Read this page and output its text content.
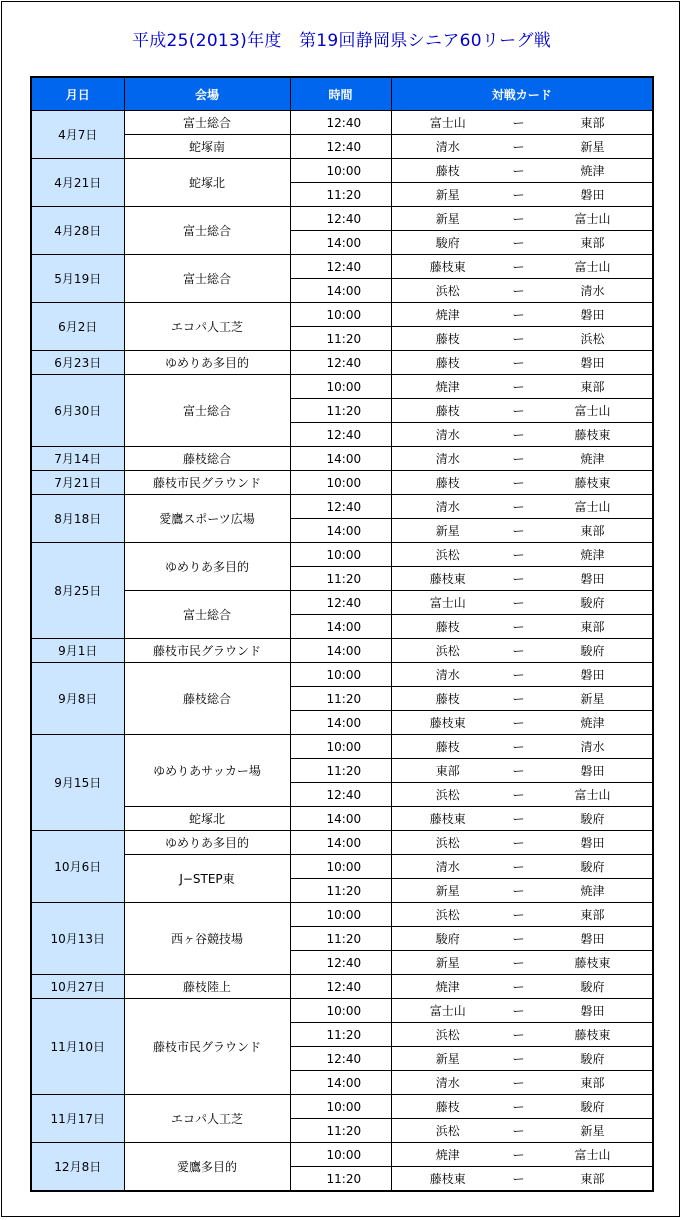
平成25(2013)年度　第19回静岡県シニア60リーグ戦
月日	会場	時間	対戦カード		
4月7日	富士総合	12:40	富士山	ー	東部
	蛇塚南	12:40	清水	ー	新星
4月21日	蛇塚北	10:00	藤枝	ー	焼津
		11:20	新星	ー	磐田
4月28日	富士総合	12:40	新星	ー	富士山
		14:00	駿府	ー	東部
5月19日	富士総合	12:40	藤枝東	ー	富士山
		14:00	浜松	ー	清水
6月2日	エコパ人工芝	10:00	焼津	ー	磐田
		11:20	藤枝	ー	浜松
6月23日	ゆめりあ多目的	12:40	藤枝	ー	磐田
6月30日	富士総合	10:00	焼津	ー	東部
		11:20	藤枝	ー	富士山
		12:40	清水	ー	藤枝東
7月14日	藤枝総合	14:00	清水	ー	焼津
7月21日	藤枝市民グラウンド	10:00	藤枝	ー	藤枝東
8月18日	愛鷹スポーツ広場	12:40	清水	ー	富士山
		14:00	新星	ー	東部
8月25日	ゆめりあ多目的	10:00	浜松	ー	焼津
		11:20	藤枝東	ー	磐田
	富士総合	12:40	富士山	ー	駿府
		14:00	藤枝	ー	東部
9月1日	藤枝市民グラウンド	14:00	浜松	ー	駿府
9月8日	藤枝総合	10:00	清水	ー	磐田
		11:20	藤枝	ー	新星
		14:00	藤枝東	ー	焼津
9月15日	ゆめりあサッカー場	10:00	藤枝	ー	清水
		11:20	東部	ー	磐田
		12:40	浜松	ー	富士山
	蛇塚北	14:00	藤枝東	ー	駿府
10月6日	ゆめりあ多目的	14:00	浜松	ー	磐田
	J−STEP東	10:00	清水	ー	駿府
		11:20	新星	ー	焼津
10月13日	西ヶ谷競技場	10:00	浜松	ー	東部
		11:20	駿府	ー	磐田
		12:40	新星	ー	藤枝東
10月27日	藤枝陸上	12:40	焼津	ー	駿府
11月10日	藤枝市民グラウンド	10:00	富士山	ー	磐田
		11:20	浜松	ー	藤枝東
		12:40	新星	ー	駿府
		14:00	清水	ー	東部
11月17日	エコパ人工芝	10:00	藤枝	ー	駿府
		11:20	浜松	ー	新星
12月8日	愛鷹多目的	10:00	焼津	ー	富士山
		11:20	藤枝東	ー	東部
